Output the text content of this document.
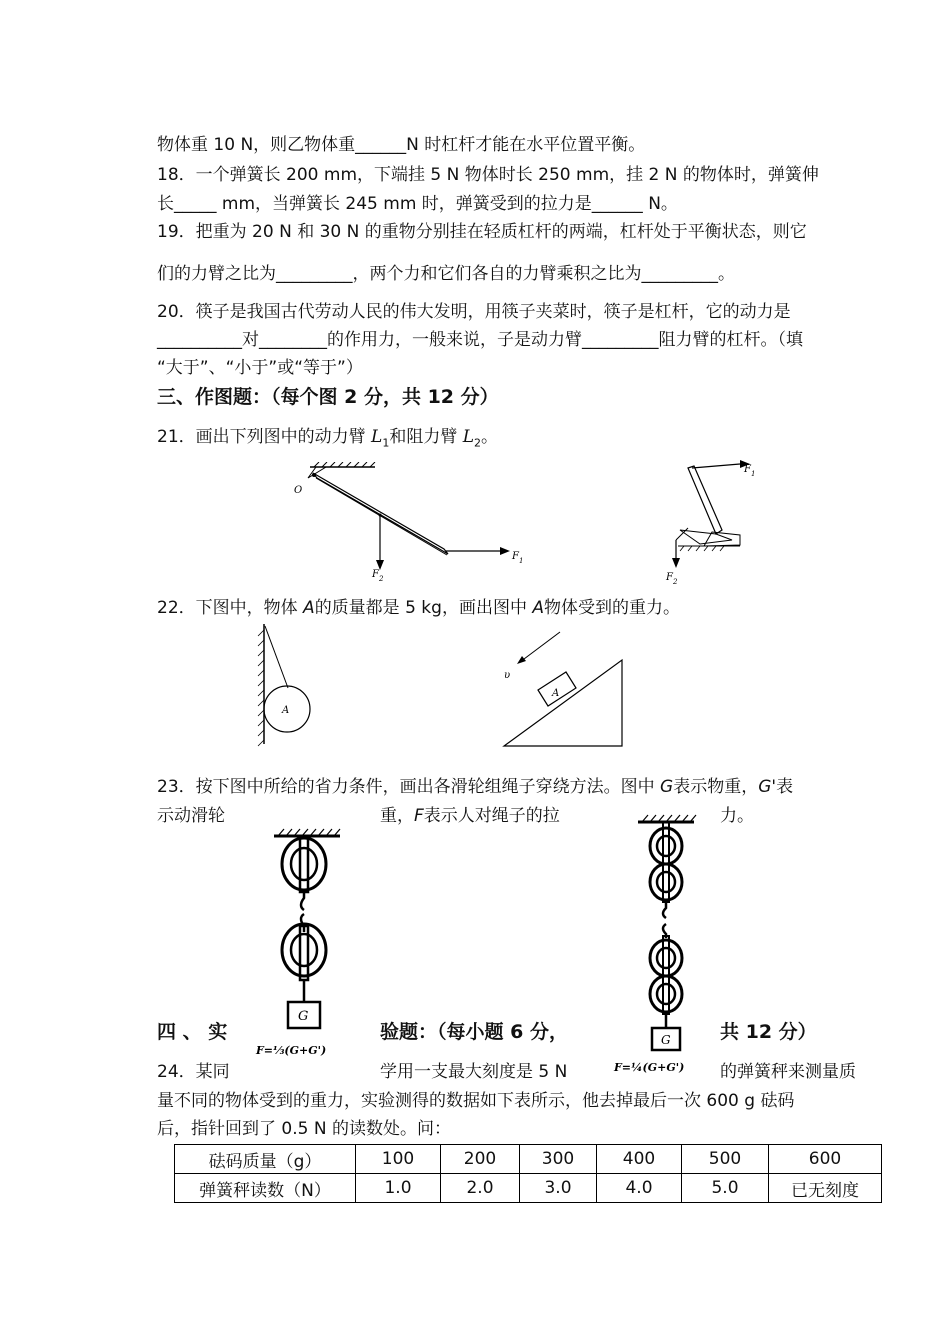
物体重 10 N，则乙物体重______N 时杠杆才能在水平位置平衡。
18．一个弹簧长 200 mm，下端挂 5 N 物体时长 250 mm，挂 2 N 的物体时，弹簧伸
长_____ mm，当弹簧长 245 mm 时，弹簧受到的拉力是______ N。
19．把重为 20 N 和 30 N 的重物分别挂在轻质杠杆的两端，杠杆处于平衡状态，则它
们的力臂之比为_________，两个力和它们各自的力臂乘积之比为_________。
20．筷子是我国古代劳动人民的伟大发明，用筷子夹菜时，筷子是杠杆，它的动力是
__________对________的作用力，一般来说，子是动力臂_________阻力臂的杠杆。（填
“大于”、“小于”或“等于”）
三、作图题：（每个图 2 分，共 12 分）
21．画出下列图中的动力臂 $L_1$和阻力臂 $L_2$。
O
F 1
F 2
F 1
F 2
22．下图中，物体 A的质量都是 5 kg，画出图中 A物体受到的重力。
A
A
υ
23．按下图中所给的省力条件，画出各滑轮组绳子穿绕方法。图中 G表示物重，G'表
示动滑轮	重，F表示人对绳子的拉	力。
G
F=⅓(G+G')
G
F=¼(G+G')
四 、 实	验题：（每小题 6 分，	共 12 分）
24．某同	学用一支最大刻度是 5 N	的弹簧秤来测量质
量不同的物体受到的重力，实验测得的数据如下表所示，他去掉最后一次 600 g 砝码
后，指针回到了 0.5 N 的读数处。问：
砝码质量（g）	100	200	300	400	500	600
弹簧秤读数（N）	1.0	2.0	3.0	4.0	5.0	已无刻度
